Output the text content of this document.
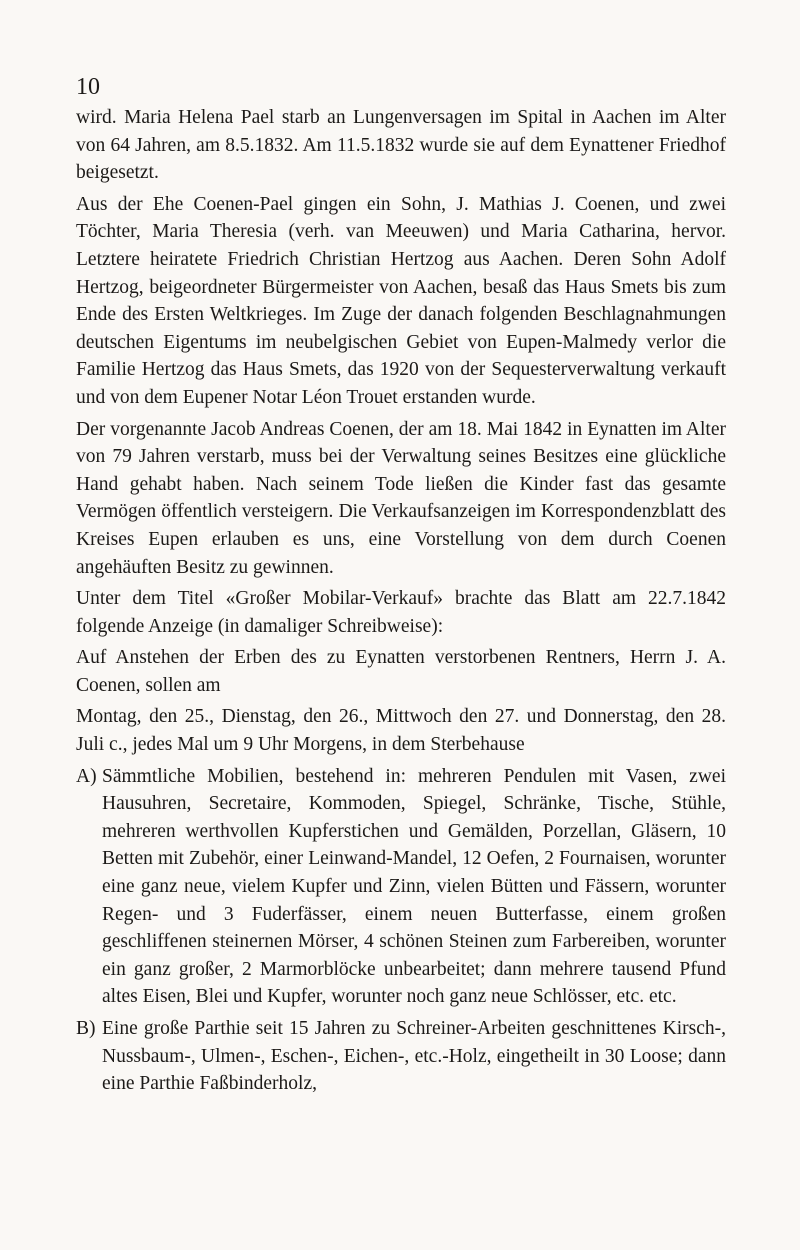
10

wird. Maria Helena Pael starb an Lungenversagen im Spital in Aachen im Alter von 64 Jahren, am 8.5.1832. Am 11.5.1832 wurde sie auf dem Eynattener Friedhof beigesetzt.

Aus der Ehe Coenen-Pael gingen ein Sohn, J. Mathias J. Coenen, und zwei Töchter, Maria Theresia (verh. van Meeuwen) und Maria Catharina, hervor. Letztere heiratete Friedrich Christian Hertzog aus Aachen. Deren Sohn Adolf Hertzog, beigeordneter Bürgermeister von Aachen, besaß das Haus Smets bis zum Ende des Ersten Weltkrieges. Im Zuge der danach folgenden Beschlagnahmungen deutschen Eigentums im neubelgischen Gebiet von Eupen-Malmedy verlor die Familie Hertzog das Haus Smets, das 1920 von der Sequesterverwaltung verkauft und von dem Eupener Notar Léon Trouet erstanden wurde.

Der vorgenannte Jacob Andreas Coenen, der am 18. Mai 1842 in Eynatten im Alter von 79 Jahren verstarb, muss bei der Verwaltung seines Besitzes eine glückliche Hand gehabt haben. Nach seinem Tode ließen die Kinder fast das gesamte Vermögen öffentlich versteigern. Die Verkaufsanzeigen im Korrespondenzblatt des Kreises Eupen erlauben es uns, eine Vorstellung von dem durch Coenen angehäuften Besitz zu gewinnen.

Unter dem Titel «Großer Mobilar-Verkauf» brachte das Blatt am 22.7.1842 folgende Anzeige (in damaliger Schreibweise):

Auf Anstehen der Erben des zu Eynatten verstorbenen Rentners, Herrn J. A. Coenen, sollen am

Montag, den 25., Dienstag, den 26., Mittwoch den 27. und Donnerstag, den 28. Juli c., jedes Mal um 9 Uhr Morgens, in dem Sterbehause

A) Sämmtliche Mobilien, bestehend in: mehreren Pendulen mit Vasen, zwei Hausuhren, Secretaire, Kommoden, Spiegel, Schränke, Tische, Stühle, mehreren werthvollen Kupferstichen und Gemälden, Porzellan, Gläsern, 10 Betten mit Zubehör, einer Leinwand-Mandel, 12 Oefen, 2 Fournaisen, worunter eine ganz neue, vielem Kupfer und Zinn, vielen Bütten und Fässern, worunter Regen- und 3 Fuderfässer, einem neuen Butterfasse, einem großen geschliffenen steinernen Mörser, 4 schönen Steinen zum Farbereiben, worunter ein ganz großer, 2 Marmorblöcke unbearbeitet; dann mehrere tausend Pfund altes Eisen, Blei und Kupfer, worunter noch ganz neue Schlösser, etc. etc.
B) Eine große Parthie seit 15 Jahren zu Schreiner-Arbeiten geschnittenes Kirsch-, Nussbaum-, Ulmen-, Eschen-, Eichen-, etc.-Holz, eingetheilt in 30 Loose; dann eine Parthie Faßbinderholz,
